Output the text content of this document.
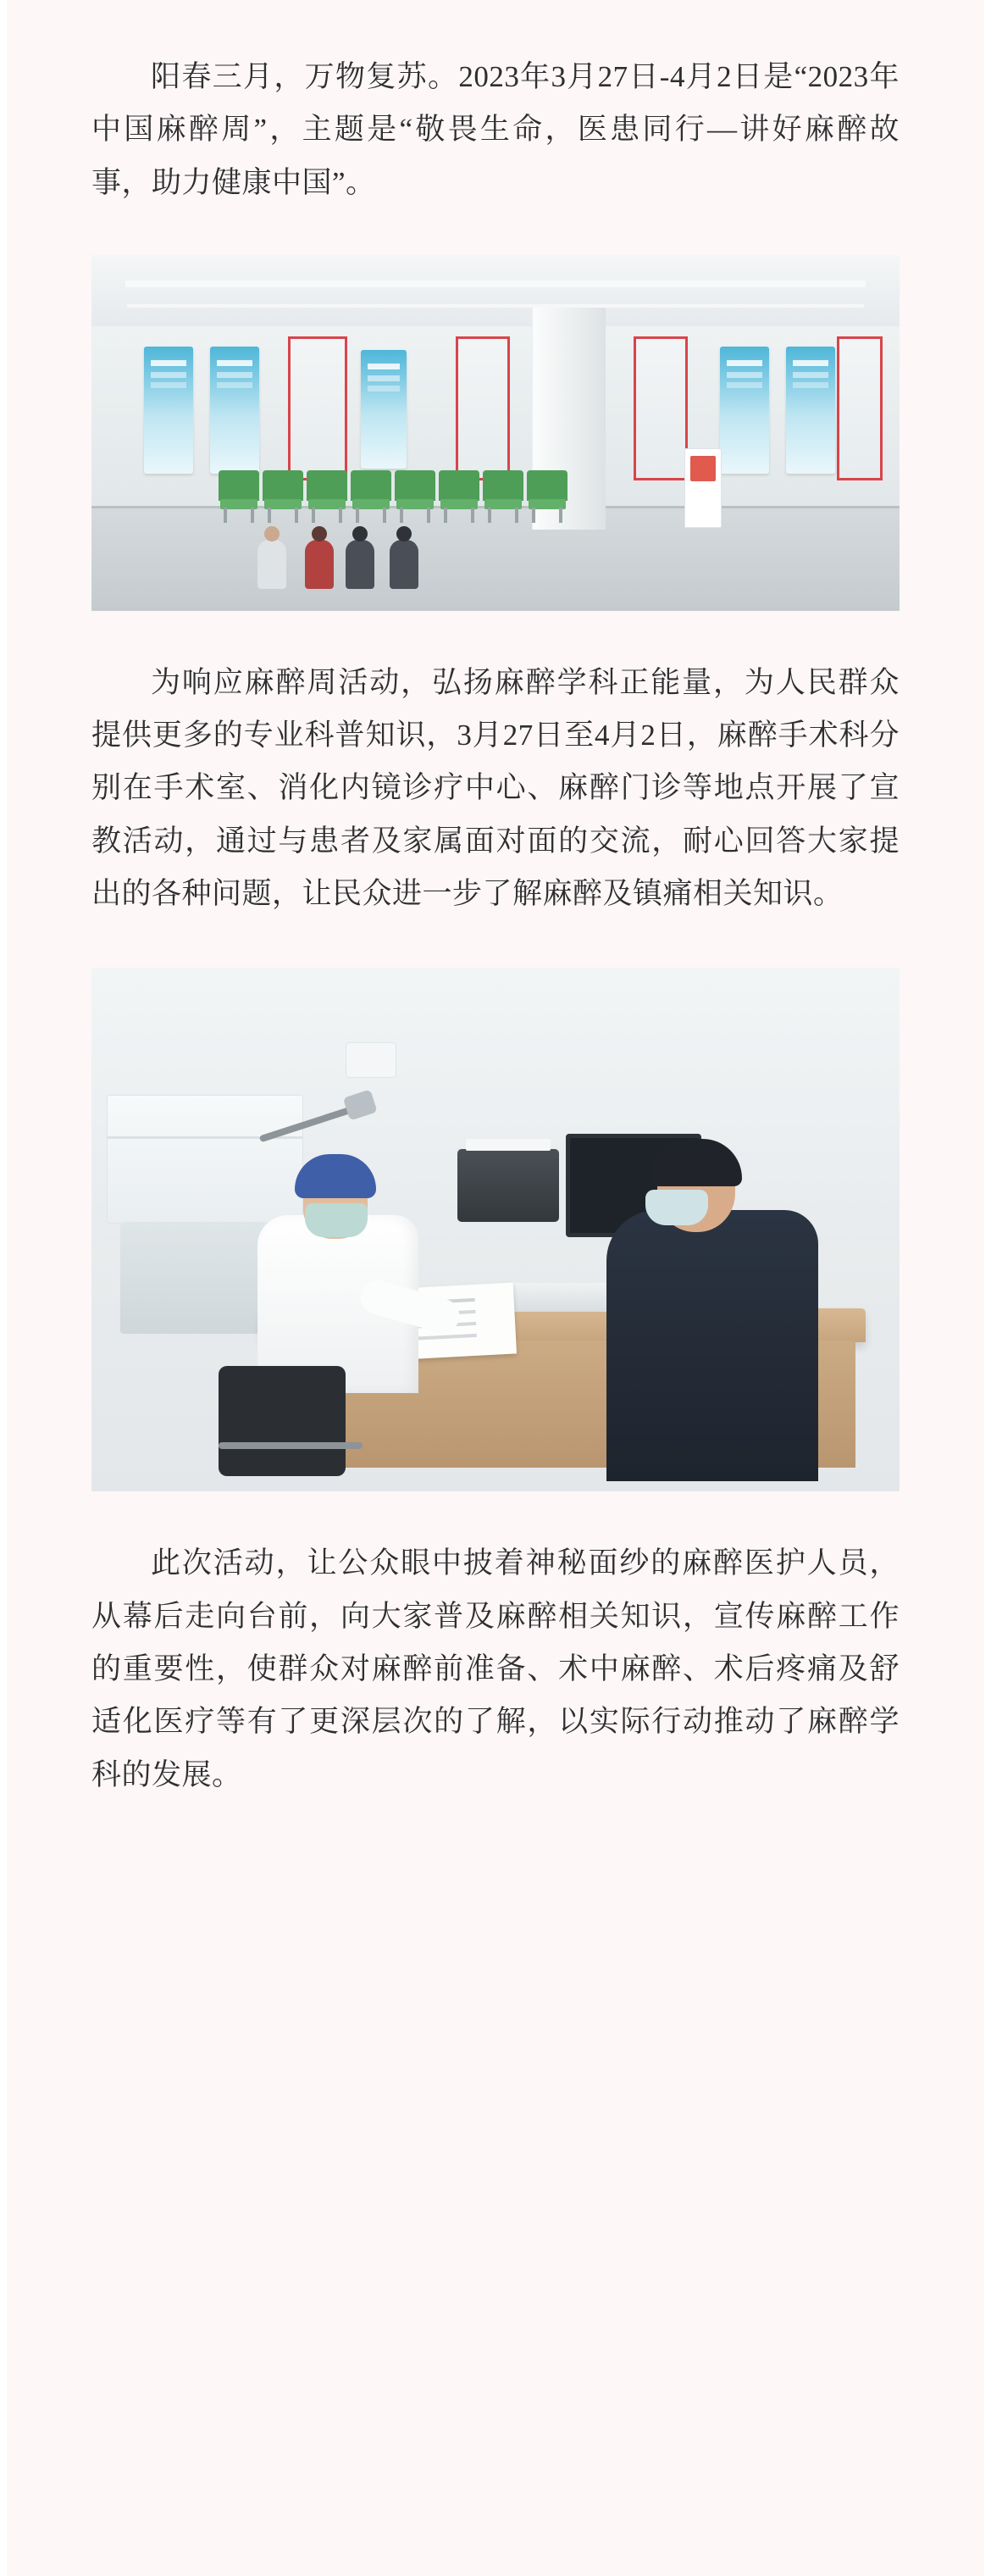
阳春三月，万物复苏。2023年3月27日-4月2日是“2023年中国麻醉周”，主题是“敬畏生命，医患同行—讲好麻醉故事，助力健康中国”。

为响应麻醉周活动，弘扬麻醉学科正能量，为人民群众提供更多的专业科普知识，3月27日至4月2日，麻醉手术科分别在手术室、消化内镜诊疗中心、麻醉门诊等地点开展了宣教活动，通过与患者及家属面对面的交流，耐心回答大家提出的各种问题，让民众进一步了解麻醉及镇痛相关知识。

此次活动，让公众眼中披着神秘面纱的麻醉医护人员，从幕后走向台前，向大家普及麻醉相关知识，宣传麻醉工作的重要性，使群众对麻醉前准备、术中麻醉、术后疼痛及舒适化医疗等有了更深层次的了解，以实际行动推动了麻醉学科的发展。
